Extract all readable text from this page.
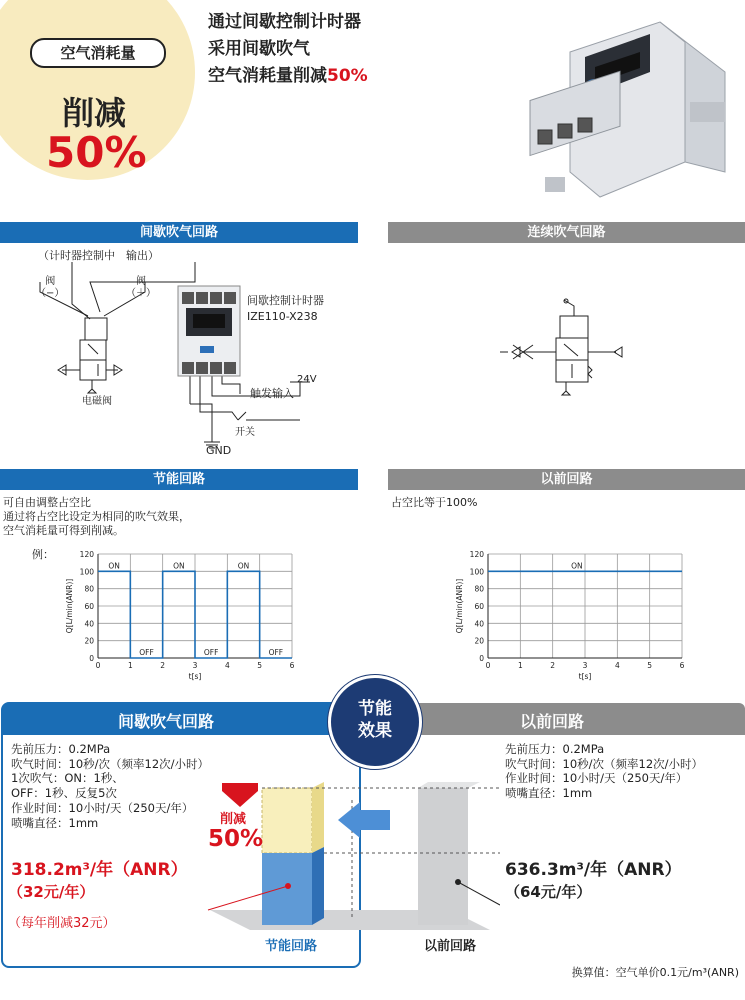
空气消耗量
削减
50%
通过间歇控制计时器
采用间歇吹气
空气消耗量削减50%
间歇吹气回路	连续吹气回路
（计时器控制中　输出）
阀
（−）
阀
（＋）
电磁阀
间歇控制计时器
IZE110-X238
触发输入
24V
开关
GND
节能回路	以前回路
可自由调整占空比
通过将占空比设定为相同的吹气效果，
空气消耗量可得到削减。
例：
占空比等于100%
0
20
40
60
80
100
120
0	1	2	3	4	5	6
Q[L/min(ANR)]
t[s]
ON
OFF
ON
OFF
ON
OFF
0
20
40
60
80
100
120
0	1	2	3	4	5	6
Q[L/min(ANR)]
t[s]
ON
间歇吹气回路	以前回路
节能
效果
先前压力：0.2MPa
吹气时间：10秒/次（频率12次/小时）
1次吹气：ON：1秒、
OFF：1秒、反复5次
作业时间：10小时/天（250天/年）
喷嘴直径：1mm
先前压力：0.2MPa
吹气时间：10秒/次（频率12次/小时）
作业时间：10小时/天（250天/年）
喷嘴直径：1mm
318.2m³/年（ANR）
（32元/年）
（每年削减32元）
636.3m³/年（ANR）
（64元/年）
削减
50%
节能回路	以前回路
换算值：空气单价0.1元/m³(ANR)
